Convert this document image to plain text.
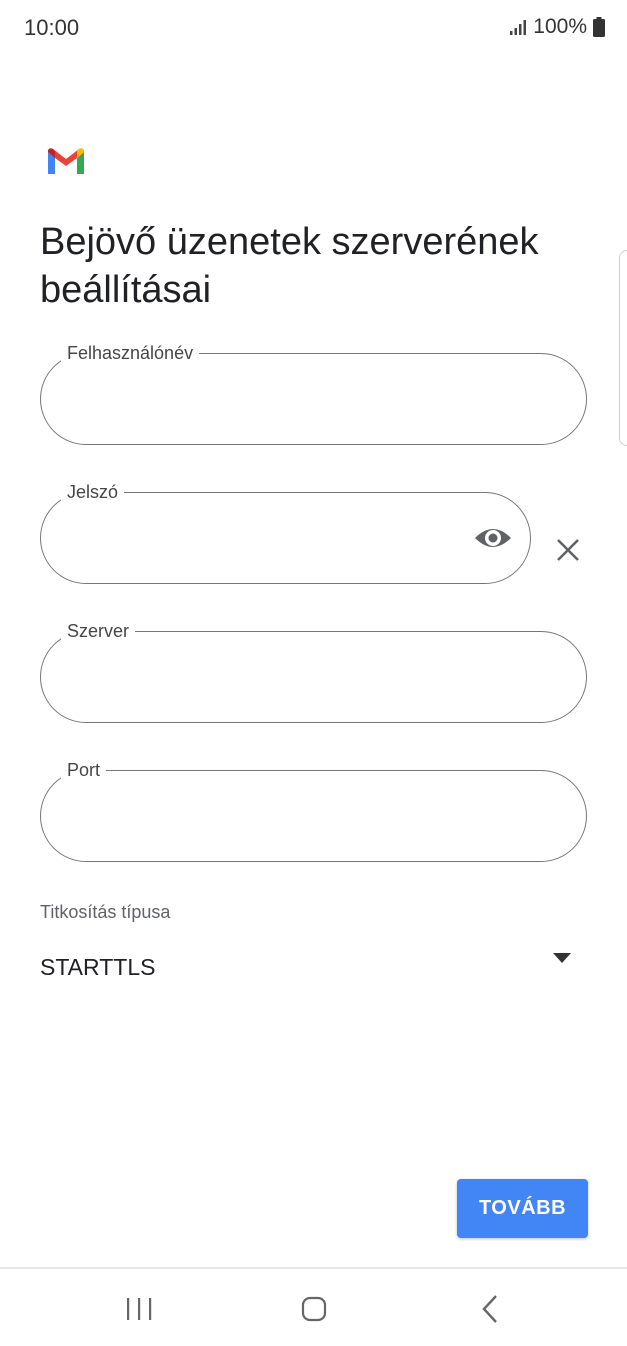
10:00	100%
Bejövő üzenetek szerverének beállításai
Felhasználónév
Jelszó
Szerver
Port
Titkosítás típusa
STARTTLS
TOVÁBB
